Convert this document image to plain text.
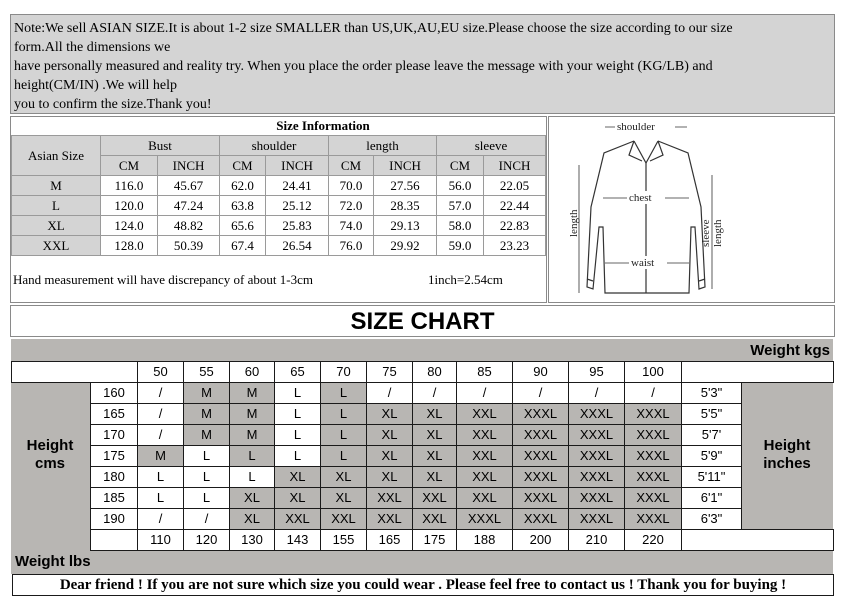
Note:We sell ASIAN SIZE.It is about 1-2 size SMALLER than US,UK,AU,EU size.Please choose the size according to our size
form.All the dimensions we
have personally measured and reality try. When you place the order please leave the message with your weight (KG/LB) and
height(CM/IN) .We will help
you to confirm the size.Thank you!
	Size Information							
Asian Size	Bust		shoulder		length		sleeve	
	CM	INCH	CM	INCH	CM	INCH	CM	INCH
M	116.0	45.67	62.0	24.41	70.0	27.56	56.0	22.05
L	120.0	47.24	63.8	25.12	72.0	28.35	57.0	22.44
XL	124.0	48.82	65.6	25.83	74.0	29.13	58.0	22.83
XXL	128.0	50.39	67.4	26.54	76.0	29.92	59.0	23.23
Hand measurement will have discrepancy of about 1-3cm	1inch=2.54cm
shoulder
chest
waist
length	sleeve length
SIZE CHART
Weight kgs
Weight lbs
Height
cms
Height
inches
50	55	60	65	70	75	80	85	90	95	100
160	/	M	M	L	L	/	/	/	/	/	/	5'3"
165	/	M	M	L	L	XL	XL	XXL	XXXL	XXXL	XXXL	5'5"
170	/	M	M	L	L	XL	XL	XXL	XXXL	XXXL	XXXL	5'7'
175	M	L	L	L	L	XL	XL	XXL	XXXL	XXXL	XXXL	5'9"
180	L	L	L	XL	XL	XL	XL	XXL	XXXL	XXXL	XXXL	5'11"
185	L	L	XL	XL	XL	XXL	XXL	XXL	XXXL	XXXL	XXXL	6'1"
190	/	/	XL	XXL	XXL	XXL	XXL	XXXL	XXXL	XXXL	XXXL	6'3"
110	120	130	143	155	165	175	188	200	210	220
Dear friend ! If you are not sure which size you could wear . Please feel free to contact us ! Thank you for buying !
